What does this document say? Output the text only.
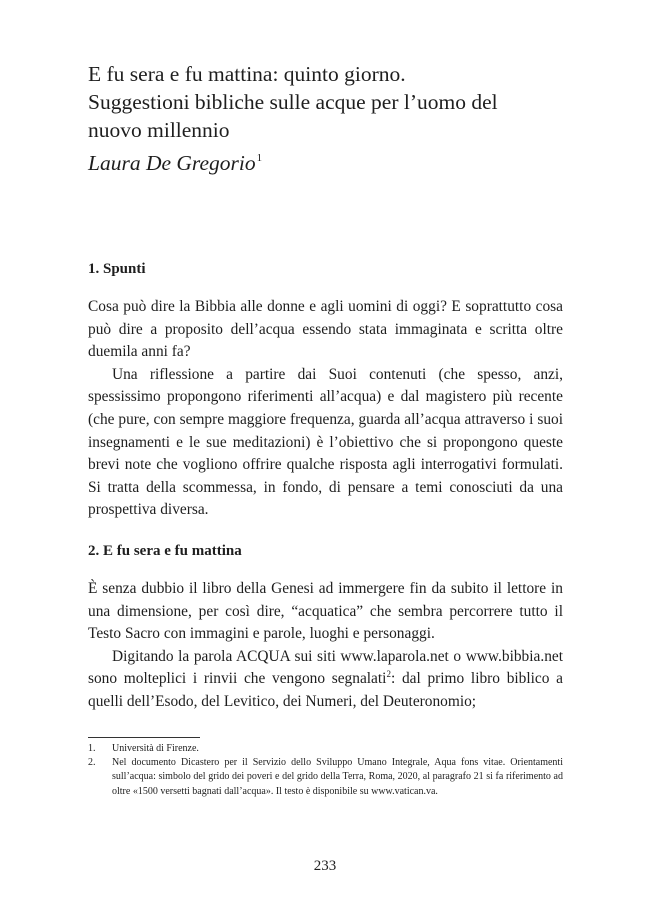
E fu sera e fu mattina: quinto giorno.

Suggestioni bibliche sulle acque per l’uomo del

nuovo millennio

Laura De Gregorio$^1$

1. Spunti

Cosa può dire la Bibbia alle donne e agli uomini di oggi? E soprattutto cosa può dire a proposito dell’acqua essendo stata immaginata e scritta oltre duemila anni fa?

Una riflessione a partire dai Suoi contenuti (che spesso, anzi, spessissimo propongono riferimenti all’acqua) e dal magistero più recente (che pure, con sempre maggiore frequenza, guarda all’acqua attraverso i suoi insegnamenti e le sue meditazioni) è l’obiettivo che si propongono queste brevi note che vogliono offrire qualche risposta agli interrogativi formulati. Si tratta della scommessa, in fondo, di pensare a temi conosciuti da una prospettiva diversa.

2. E fu sera e fu mattina

È senza dubbio il libro della Genesi ad immergere fin da subito il lettore in una dimensione, per così dire, “acquatica” che sembra percorrere tutto il Testo Sacro con immagini e parole, luoghi e personaggi.

Digitando la parola ACQUA sui siti www.laparola.net o www.bibbia.net sono molteplici i rinvii che vengono segnalati$^2$: dal primo libro biblico a quelli dell’Esodo, del Levitico, dei Numeri, del Deuteronomio;

1. Università di Firenze.

2. Nel documento Dicastero per il Servizio dello Sviluppo Umano Integrale, Aqua fons vitae. Orientamenti sull’acqua: simbolo del grido dei poveri e del grido della Terra, Roma, 2020, al paragrafo 21 si fa riferimento ad oltre «1500 versetti bagnati dall’acqua». Il testo è disponibile su www.vatican.va.

233
